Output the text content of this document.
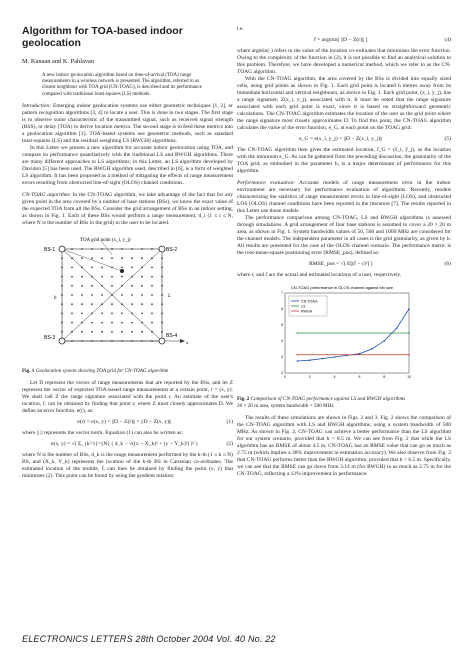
Algorithm for TOA-based indoor
geolocation
M. Kanaan and K. Pahlavan
A new indoor geolocation algorithm based on time-of-arrival (TOA) range measurements in a wireless network is presented. The algorithm, referred to as closest neighbour with TOA grid (CN-TOAG), is described and its performance compared with traditional least-squares (LS) methods.

Introduction: Emerging indoor geolocation systems use either geometric techniques [1, 2], or pattern recognition algorithms [3, 4] to locate a user. This is done in two stages. The first stage is to observe some characteristic of the transmitted signal, such as received signal strength (RSS), or delay (TOA) to derive location metrics. The second stage is to feed these metrics into a geolocation algorithm [1]. TOA-based systems use geometric methods, such as standard least-squares (LS) and the residual weighting LS (RWGH) algorithms.

In this Letter we present a new algorithm for accurate indoor geolocation using TOA, and compare its performance quantitatively with the traditional LS and RWGH algorithms. There are many different approaches to LS algorithms; in this Letter, an LS algorithm developed by Davidon [5] has been used. The RWGH algorithm used, described in [6], is a form of weighted LS algorithm. It has been proposed as a method of mitigating the effects of range measurement errors resulting from obstructed line-of-sight (OLOS) channel conditions.

CN-TOAG algorithm: In the CN-TOAG algorithm, we take advantage of the fact that for any given point in the area covered by a number of base stations (BSs), we know the exact value of the expected TOA from all the BSs. Consider the grid arrangement of BSs in an indoor setting, as shown in Fig. 1. Each of these BSs would perform a range measurement, d_i (1 ≤ i ≤ N, where N is the number of BSs in the grid) to the user to be located.

TOA grid point (x_i, y_j)
BS-1	BS-2
BS-3	BS-4
h	L
x
Fig. 1 Geolocation system showing TOA grid for CN-TOAG algorithm

Let D represent the vector of range measurements that are reported by the BSs, and let Z represent the vector of expected TOA-based range measurements at a certain point, r = (x, y). We shall call Z the range signature associated with the point r. An estimate of the user's location, r̂, can be obtained by finding that point r, where Z most closely approximates D. We define an error function, e(r), as:

e(r) = e(x, y) = ||D − Z(r)|| = ||D − Z(x, y)||	(1)

where || || represents the vector norm. Equation (1) can also be written as:

e(x, y) = √( Σ_{k=1}^{N} ( d_k − √((x − X_k)² + (y − Y_k)²) )² )	(2)

where N is the number of BSs, d_k is the range measurement performed by the k-th (1 ≤ k ≤ N) BS, and (X_k, Y_k) represents the location of the k-th BS in Cartesian co-ordinates. The estimated location of the mobile, r̂, can then be obtained by finding the point (x, y) that minimises (2). This point can be found by using the gradient relation:

i.e.

r̂ = argmin[ ||D − Z(r)|| ]	(4)

where argmin(·) refers to the value of the location co-ordinates that minimises the error function. Owing to the complexity of the function in (2), it is not possible to find an analytical solution to this problem. Therefore, we have developed a numerical method, which we refer to as the CN-TOAG algorithm.

With the CN-TOAG algorithm, the area covered by the BSs is divided into equally sized cells, using grid points as shown in Fig. 1. Each grid point is located h metres away from its immediate horizontal and vertical neighbours, as shown in Fig. 1. Each grid point, (x_i, y_j), has a range signature, Z(x_i, y_j), associated with it. It must be noted that the range signature associated with each grid point is exact, since it is based on straightforward geometric calculations. The CN-TOAG algorithm estimates the location of the user as the grid point where the range signature most closely approximates D. To find this point, the CN-TOAG algorithm calculates the value of the error function, e_G, at each point on the TOAG grid:

e_G = e(x_i, y_j) = ||D − Z(x_i, y_j)||	(5)

The CN-TOAG algorithm then gives the estimated location, r̂_G = (x̂_i, ŷ_j), as the location with the minimum e_G. As can be gathered from the preceding discussion, the granularity of the TOA grid, as embodied in the parameter h, is a major determinant of performance for this algorithm.

Performance evaluation: Accurate models of range measurement error in the indoor environment are necessary for performance evaluation of algorithms. Recently, models characterising the statistics of range measurement errors in line-of-sight (LOS), and obstructed LOS (OLOS) channel conditions have been reported in the literature [7]. The results reported in this Letter use those models.

The performance comparison among CN-TOAG, LS and RWGH algorithms is assessed through simulations. A grid arrangement of four base stations is assumed to cover a 20 × 20 m area, as shown in Fig. 1. System bandwidth values of 50, 500 and 1000 MHz are considered for the channel models. The independent parameter in all cases is the grid granularity, as given by h. All results are presented for the case of the OLOS channel scenario. The performance metric is the root-mean-square positioning error (RMSE_pos), defined as:

RMSE_pos = √( E[(r̂ − r)²] )	(6)

where r, and r̂ are the actual and estimated locations of a user, respectively.

CN-TOAG performance in OLOS channel against bin size
0	2	4	6	8	10
2
3
4
5
6
7
CN-TOAG
LS
RWGH
Fig. 2 Comparison of CN-TOAG performance against LS and RWGH algorithms
20 × 20 m area, system bandwidth = 500 MHz

The results of these simulations are shown in Figs. 2 and 3. Fig. 2 shows the comparison of the CN-TOAG algorithm with LS and RWGH algorithms, using a system bandwidth of 500 MHz. As shown in Fig. 2, CN-TOAG can achieve a better performance than the LS algorithm for our system scenario, provided that h < 8.5 m. We can see from Fig. 2 that while the LS algorithm has an RMSE of about 4.5 m, CN-TOAG has an RMSE value that can go as much as 2.75 m (which implies a 38% improvement in estimation accuracy). We also observe from Fig. 2 that CN-TOAG performs better than the RWGH algorithm, provided that h < 6.5 m. Specifically, we can see that the RMSE can go down from 3.14 m (for RWGH) to as much as 2.75 m for the CN-TOAG, reflecting a 12% improvement in performance.

ELECTRONICS LETTERS 28th October 2004 Vol. 40 No. 22
